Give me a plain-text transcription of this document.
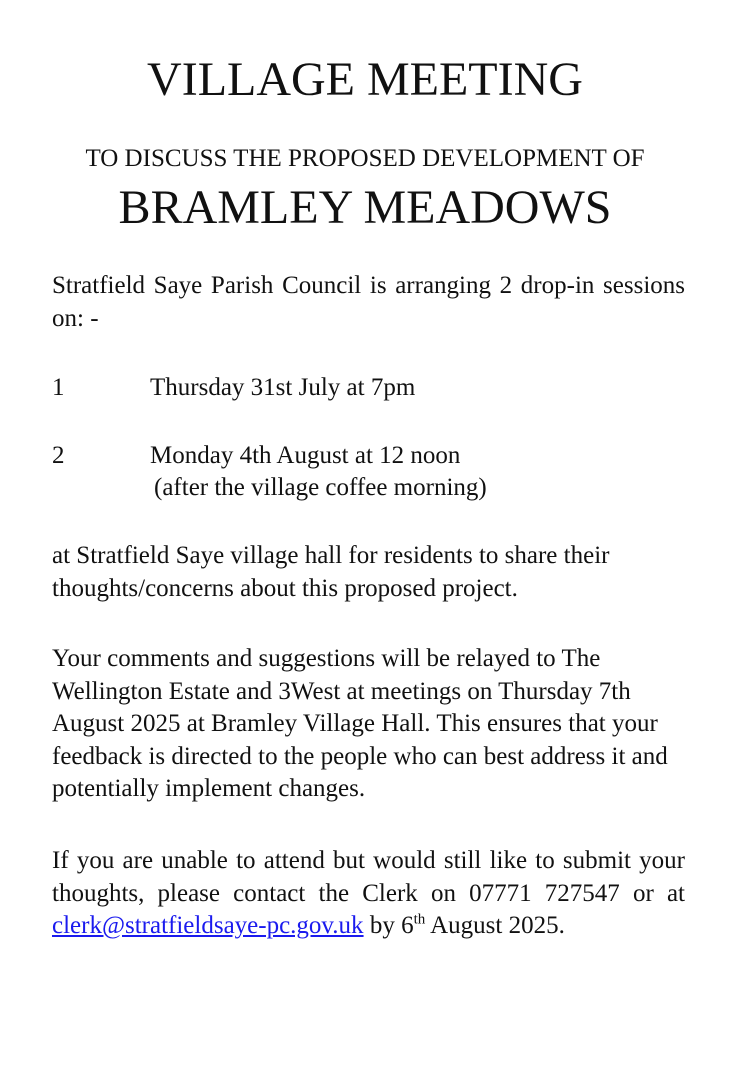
VILLAGE MEETING
TO DISCUSS THE PROPOSED DEVELOPMENT OF
BRAMLEY MEADOWS

Stratfield Saye Parish Council is arranging 2 drop-in sessions on: -

1	Thursday 31st July at 7pm
2	Monday 4th August at 12 noon
(after the village coffee morning)

at Stratfield Saye village hall for residents to share their thoughts/concerns about this proposed project.

Your comments and suggestions will be relayed to The Wellington Estate and 3West at meetings on Thursday 7th August 2025 at Bramley Village Hall. This ensures that your feedback is directed to the people who can best address it and potentially implement changes.

If you are unable to attend but would still like to submit your thoughts, please contact the Clerk on 07771 727547 or at clerk@stratfieldsaye-pc.gov.uk by 6th August 2025.
